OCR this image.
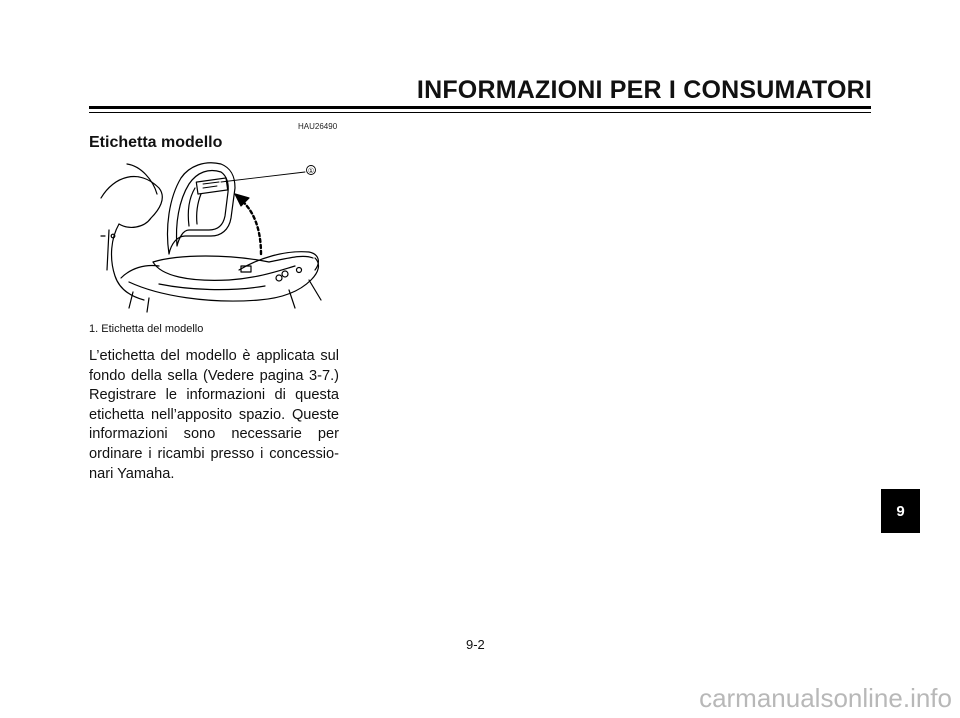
INFORMAZIONI PER I CONSUMATORI
HAU26490
Etichetta modello
①
1. Etichetta del modello
L’etichetta del modello è applicata sul fondo della sella (Vedere pagina 3-7.) Registrare le informazioni di questa etichetta nell’apposito spazio. Queste informazioni sono necessarie per ordinare i ricambi presso i concessio- nari Yamaha.
9
9-2
carmanualsonline.info
